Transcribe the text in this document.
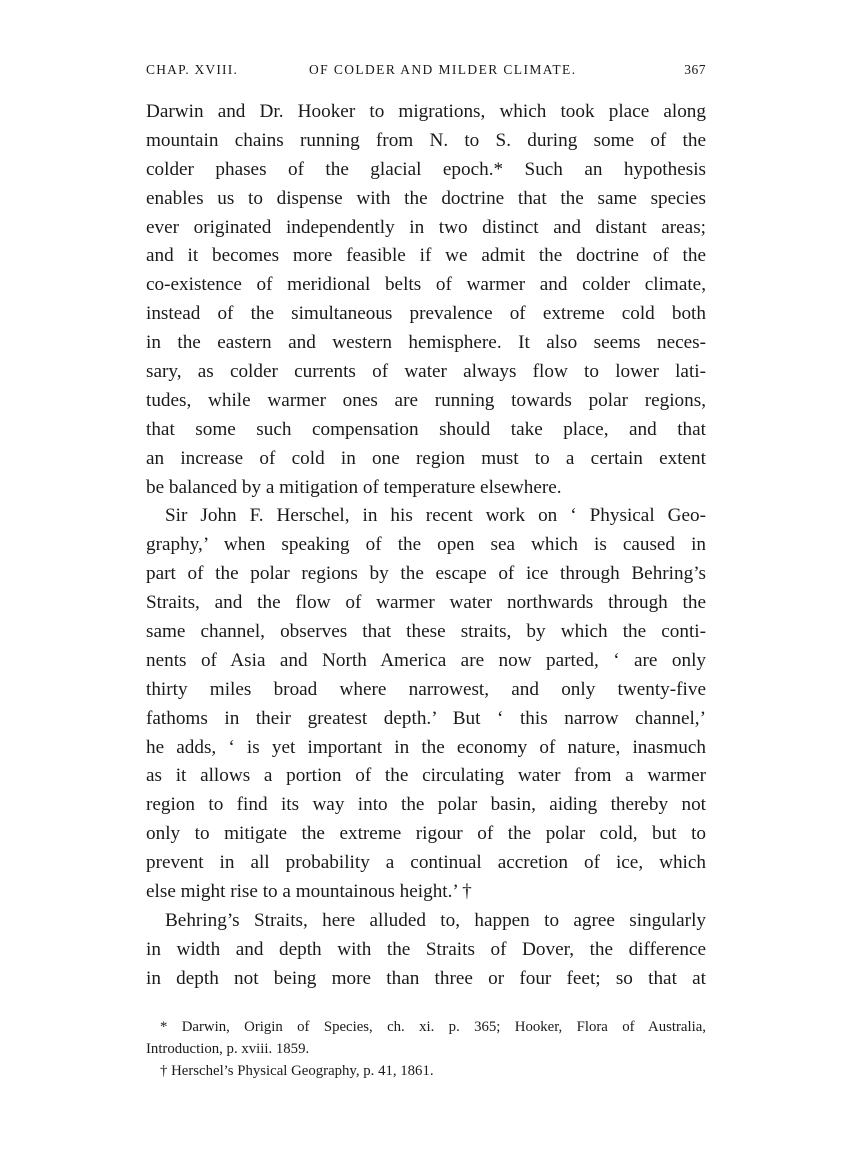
CHAP. XVIII.	OF COLDER AND MILDER CLIMATE.	367
Darwin and Dr. Hooker to migrations, which took place along
mountain chains running from N. to S. during some of the
colder phases of the glacial epoch.* Such an hypothesis
enables us to dispense with the doctrine that the same species
ever originated independently in two distinct and distant areas;
and it becomes more feasible if we admit the doctrine of the
co-existence of meridional belts of warmer and colder climate,
instead of the simultaneous prevalence of extreme cold both
in the eastern and western hemisphere. It also seems neces-
sary, as colder currents of water always flow to lower lati-
tudes, while warmer ones are running towards polar regions,
that some such compensation should take place, and that
an increase of cold in one region must to a certain extent
be balanced by a mitigation of temperature elsewhere.
Sir John F. Herschel, in his recent work on ‘ Physical Geo-
graphy,’ when speaking of the open sea which is caused in
part of the polar regions by the escape of ice through Behring’s
Straits, and the flow of warmer water northwards through the
same channel, observes that these straits, by which the conti-
nents of Asia and North America are now parted, ‘ are only
thirty miles broad where narrowest, and only twenty-five
fathoms in their greatest depth.’ But ‘ this narrow channel,’
he adds, ‘ is yet important in the economy of nature, inasmuch
as it allows a portion of the circulating water from a warmer
region to find its way into the polar basin, aiding thereby not
only to mitigate the extreme rigour of the polar cold, but to
prevent in all probability a continual accretion of ice, which
else might rise to a mountainous height.’ †
Behring’s Straits, here alluded to, happen to agree singularly
in width and depth with the Straits of Dover, the difference
in depth not being more than three or four feet; so that at
* Darwin, Origin of Species, ch. xi. p. 365; Hooker, Flora of Australia,
Introduction, p. xviii. 1859.
† Herschel’s Physical Geography, p. 41, 1861.
